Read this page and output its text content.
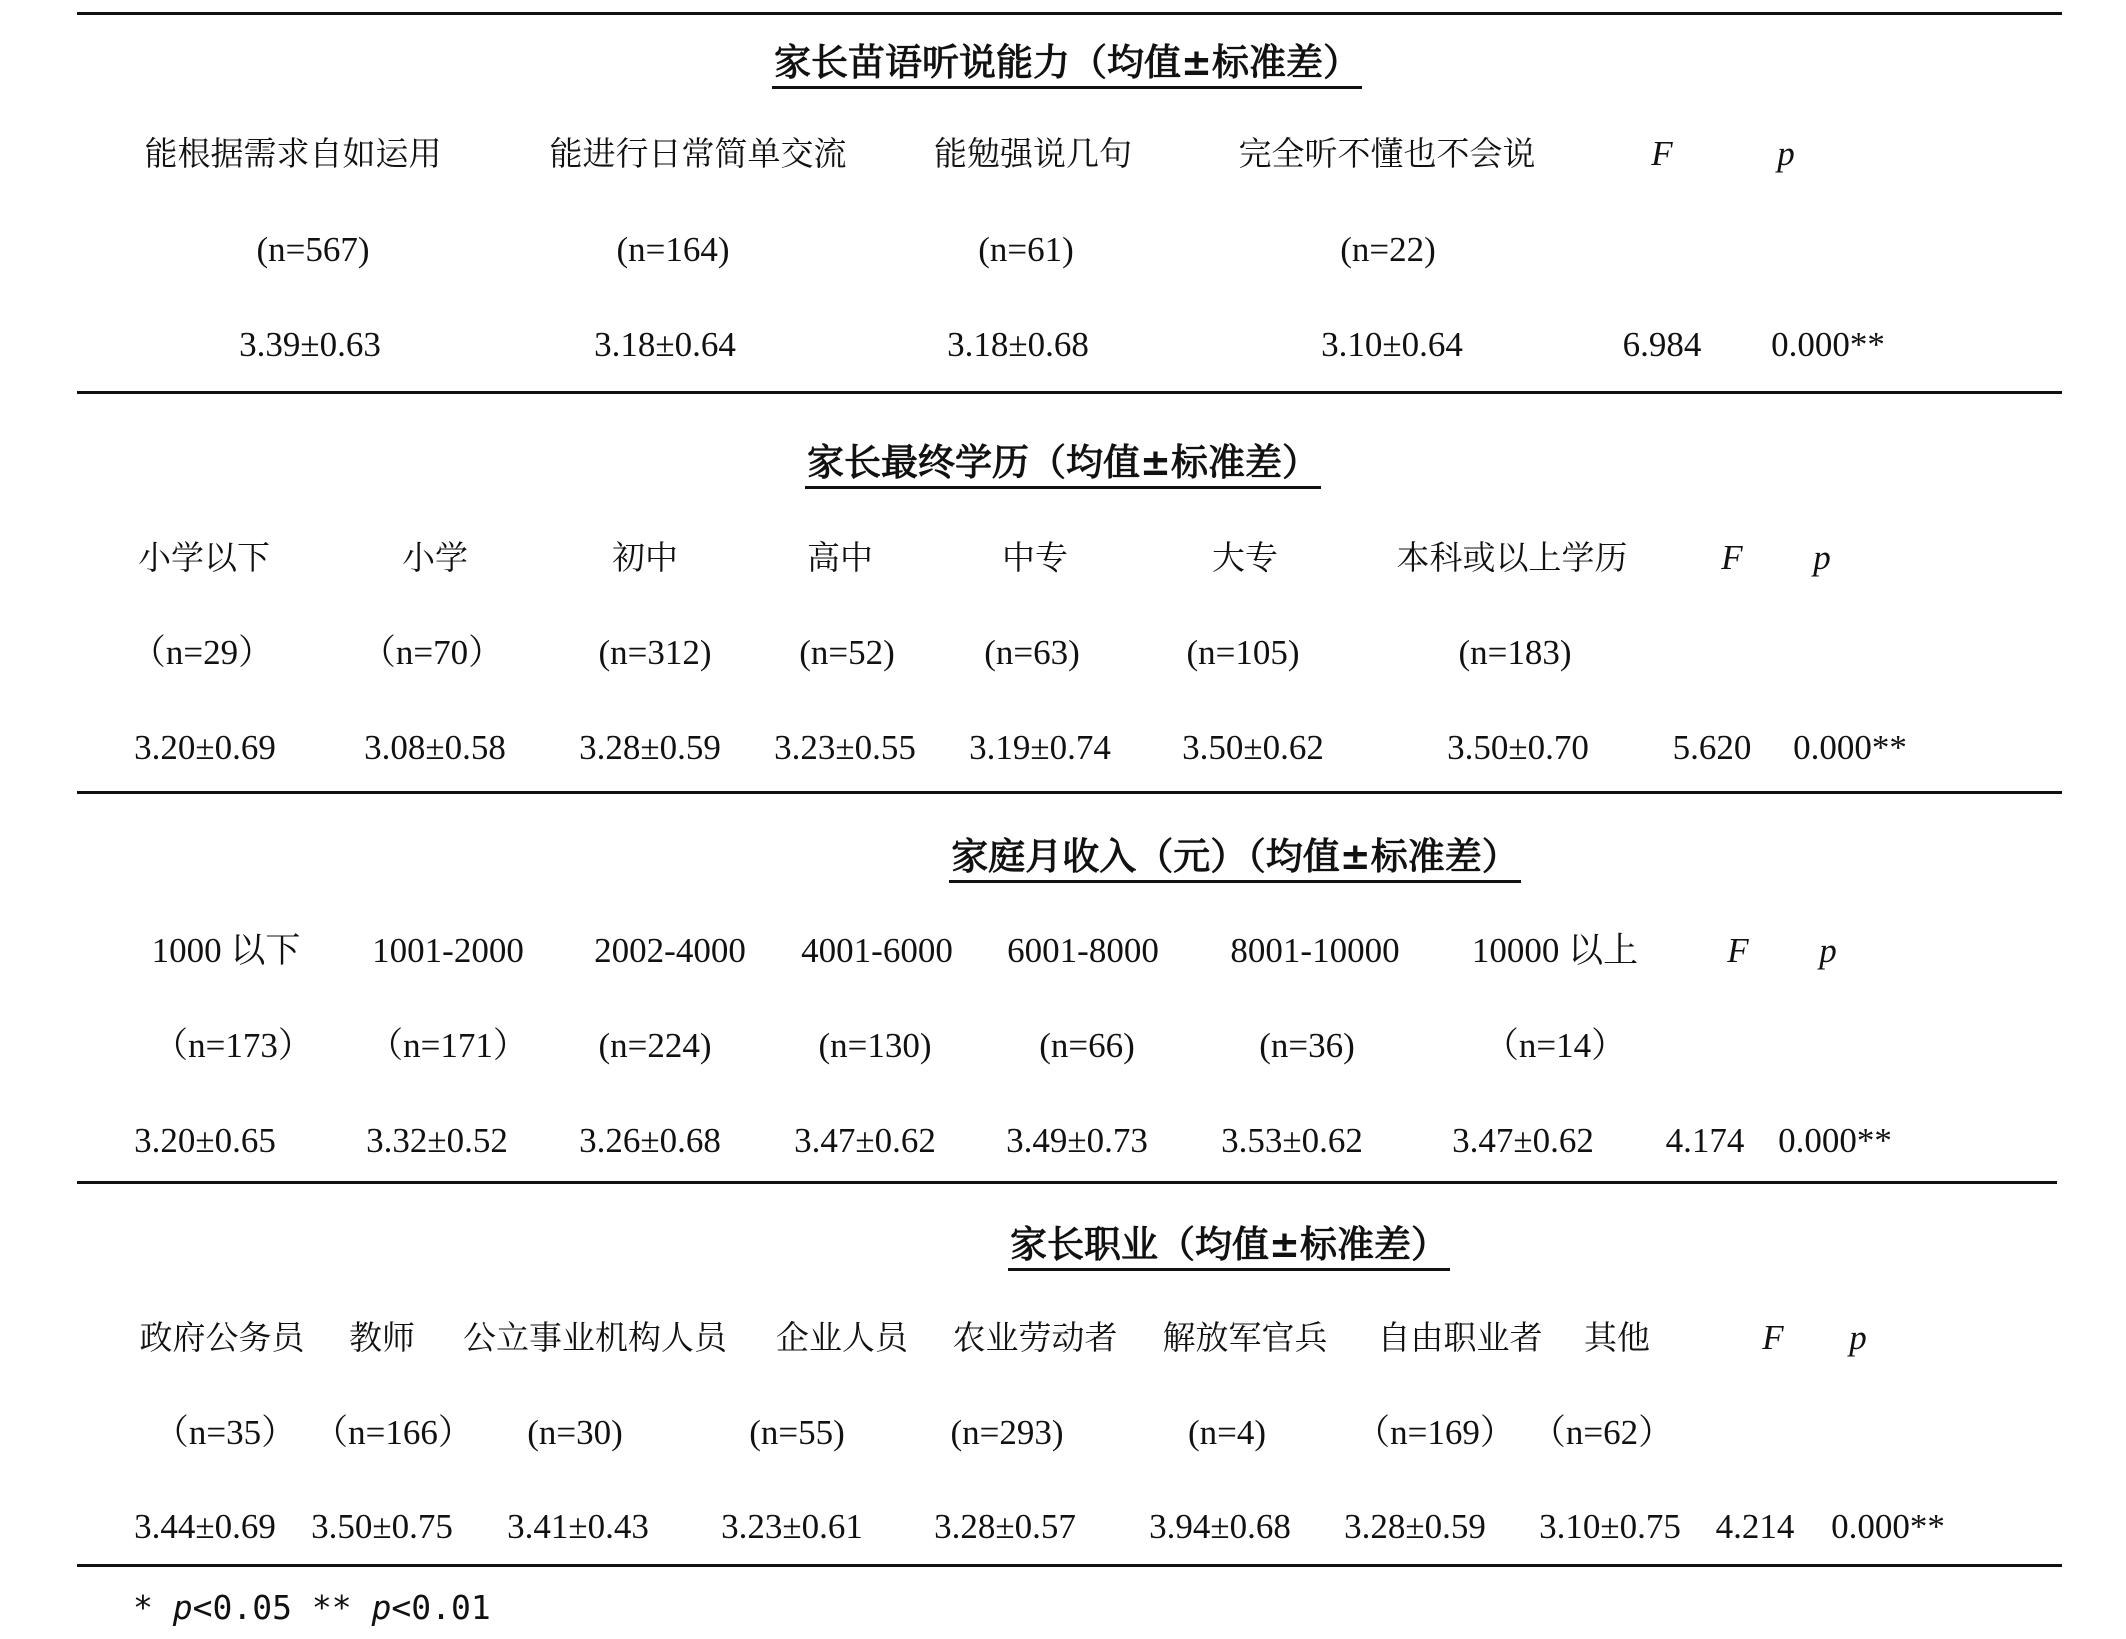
家长苗语听说能力（均值±标准差）
能根据需求自如运用	能进行日常简单交流	能勉强说几句	完全听不懂也不会说	F	p
(n=567)	(n=164)	(n=61)	(n=22)
3.39±0.63	3.18±0.64	3.18±0.68	3.10±0.64	6.984 0.000**
家长最终学历（均值±标准差）
小学以下	小学	初中	高中	中专	大专	本科或以上学历	F p
（n=29）	（n=70）	(n=312)	(n=52)	(n=63)	(n=105)	(n=183)
3.20±0.69	3.08±0.58 3.28±0.59 3.23±0.55 3.19±0.74 3.50±0.62	3.50±0.70 5.620 0.000**
家庭月收入（元）（均值±标准差）
1000 以下 1001-2000 2002-4000 4001-6000 6001-8000 8001-10000 10000 以上	F p
（n=173） （n=171） (n=224)	(n=130)	(n=66)	(n=36)	（n=14）
3.20±0.65	3.32±0.52 3.26±0.68 3.47±0.62 3.49±0.73 3.53±0.62	3.47±0.62 4.174 0.000**
家长职业（均值±标准差）
政府公务员 教师 公立事业机构人员 企业人员 农业劳动者 解放军官兵 自由职业者 其他	F p
（n=35） （n=166） (n=30)	(n=55)	(n=293)	(n=4)	（n=169） （n=62）
3.44±0.69 3.50±0.75 3.41±0.43 3.23±0.61 3.28±0.57 3.94±0.68 3.28±0.59 3.10±0.75 4.214 0.000**
* p<0.05 ** p<0.01
